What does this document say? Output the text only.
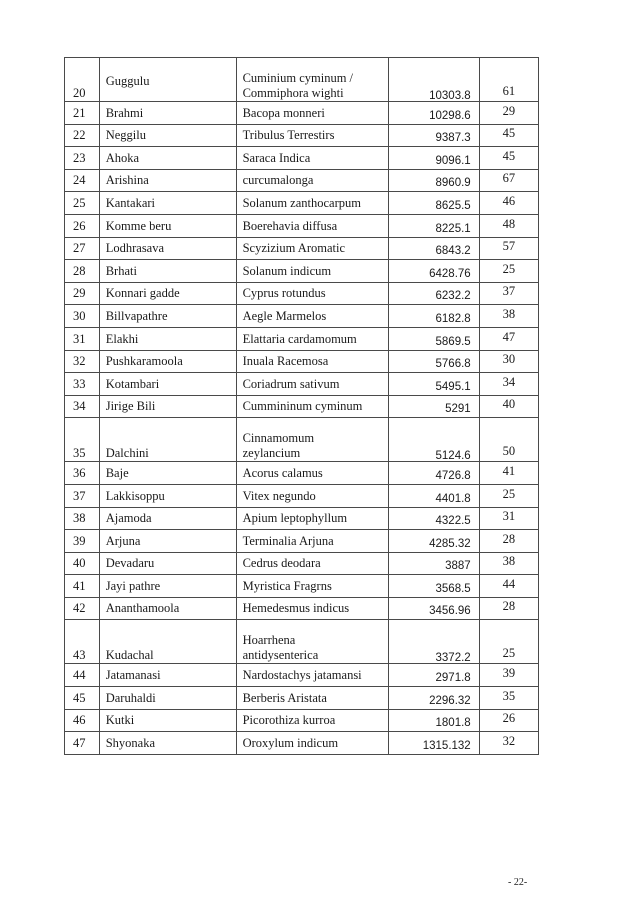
20	Guggulu	Cuminium cyminum /
Commiphora wighti	10303.8	61

21	Brahmi	Bacopa monneri	10298.6	29

22	Neggilu	Tribulus Terrestirs	9387.3	45

23	Ahoka	Saraca Indica	9096.1	45

24	Arishina	curcumalonga	8960.9	67

25	Kantakari	Solanum zanthocarpum	8625.5	46

26	Komme beru	Boerehavia diffusa	8225.1	48

27	Lodhrasava	Scyzizium Aromatic	6843.2	57

28	Brhati	Solanum indicum	6428.76	25

29	Konnari gadde	Cyprus rotundus	6232.2	37

30	Billvapathre	Aegle Marmelos	6182.8	38

31	Elakhi	Elattaria cardamomum	5869.5	47

32	Pushkaramoola	Inuala Racemosa	5766.8	30

33	Kotambari	Coriadrum sativum	5495.1	34

34	Jirige Bili	Cummininum cyminum	5291	40

35	Dalchini	Cinnamomum
zeylancium	5124.6	50

36	Baje	Acorus calamus	4726.8	41

37	Lakkisoppu	Vitex negundo	4401.8	25

38	Ajamoda	Apium leptophyllum	4322.5	31

39	Arjuna	Terminalia Arjuna	4285.32	28

40	Devadaru	Cedrus deodara	3887	38

41	Jayi pathre	Myristica Fragrns	3568.5	44

42	Ananthamoola	Hemedesmus indicus	3456.96	28

43	Kudachal	Hoarrhena
antidysenterica	3372.2	25

44	Jatamanasi	Nardostachys jatamansi	2971.8	39

45	Daruhaldi	Berberis Aristata	2296.32	35

46	Kutki	Picorothiza kurroa	1801.8	26

47	Shyonaka	Oroxylum indicum	1315.132	32
- 22-
